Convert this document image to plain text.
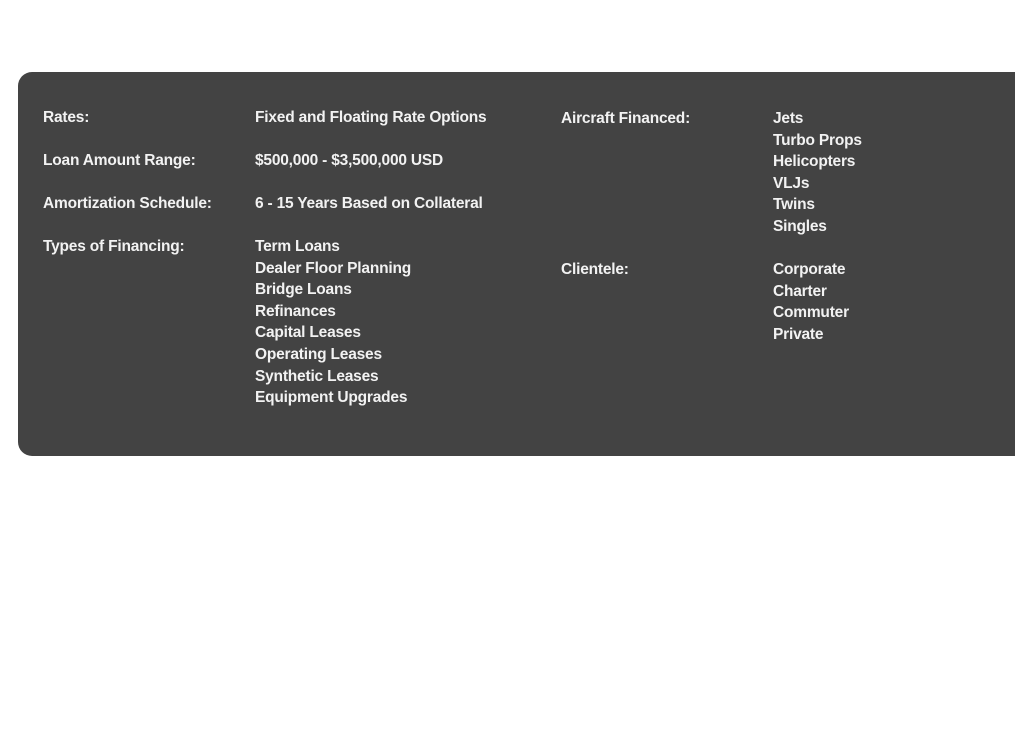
Rates:	Fixed and Floating Rate Options
Loan Amount Range:	$500,000 - $3,500,000 USD
Amortization Schedule:	6 - 15 Years Based on Collateral
Types of Financing:	Term Loans
Dealer Floor Planning
Bridge Loans
Refinances
Capital Leases
Operating Leases
Synthetic Leases
Equipment Upgrades
Aircraft Financed:	Jets
Turbo Props
Helicopters
VLJs
Twins
Singles
Clientele:	Corporate
Charter
Commuter
Private
